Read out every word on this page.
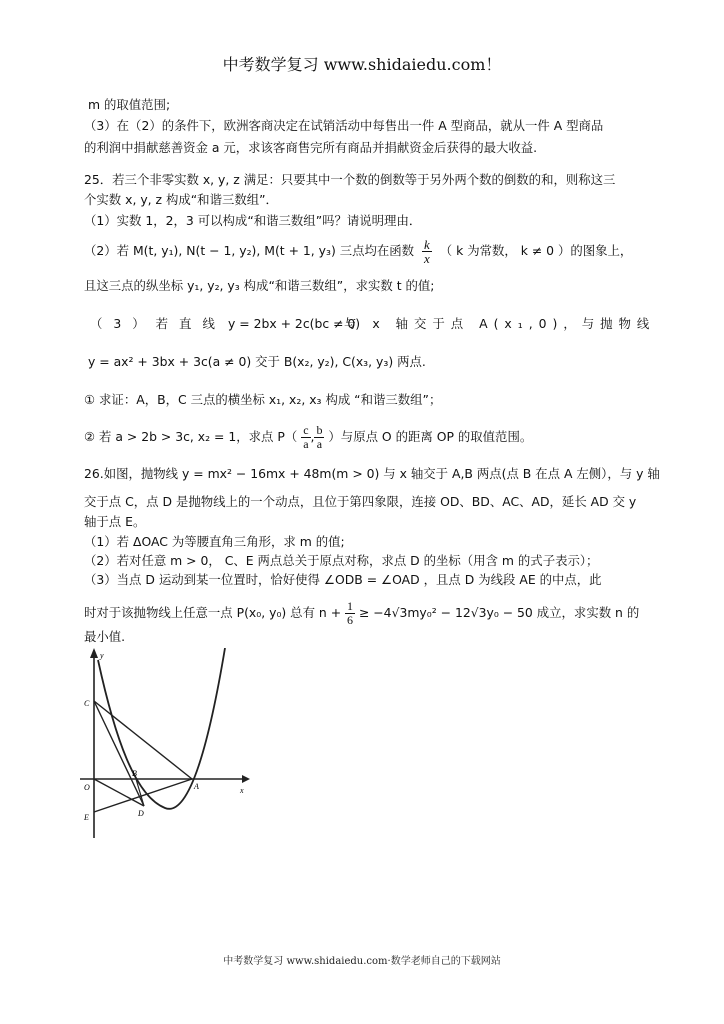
中考数学复习 www.shidaiedu.com！
m 的取值范围;
（3）在（2）的条件下，欧洲客商决定在试销活动中每售出一件 A 型商品，就从一件 A 型商品
的利润中捐献慈善资金 a 元，求该客商售完所有商品并捐献资金后获得的最大收益.
25．若三个非零实数 x, y, z 满足：只要其中一个数的倒数等于另外两个数的倒数的和，则称这三
个实数 x, y, z 构成“和谐三数组”．
（1）实数 1，2，3 可以构成“和谐三数组”吗？请说明理由．
（2）若 M(t, y₁), N(t − 1, y₂), M(t + 1, y₃) 三点均在函数 $\frac{k}{x}$ （ k 为常数， k ≠ 0 ）的图象上，
且这三点的纵坐标 y₁, y₂, y₃ 构成“和谐三数组”，求实数 t 的值;
（3）若直线 y = 2bx + 2c(bc ≠ 0)
与 x 轴交于点 A(x₁,0)，与抛物线
y = ax² + 3bx + 3c(a ≠ 0) 交于 B(x₂, y₂), C(x₃, y₃) 两点.
① 求证：A，B，C 三点的横坐标 x₁, x₂, x₃ 构成 “和谐三数组”；
② 若 a > 2b > 3c, x₂ = 1，求点 $P( \frac{c}{a}$ , $\frac{b}{a}$ ）与原点 O 的距离 OP 的取值范围。
26.如图，抛物线 y = mx² − 16mx + 48m(m > 0) 与 x 轴交于 A,B 两点(点 B 在点 A 左侧），与 y 轴
交于点 C，点 D 是抛物线上的一个动点，且位于第四象限，连接 OD、BD、AC、AD，延长 AD 交 y
轴于点 E。
（1）若 ΔOAC 为等腰直角三角形，求 m 的值;
（2）若对任意 m > 0， C、E 两点总关于原点对称，求点 D 的坐标（用含 m 的式子表示）；
（3）当点 D 运动到某一位置时，恰好使得 ∠ODB = ∠OAD ，且点 D 为线段 AE 的中点，此
时对于该抛物线上任意一点 P(x₀, y₀) 总有 $n + \frac{1}{6} \ge -4√3my_0^2 - 12√3y_0 - 50$ 成立，求实数 n 的
最小值.
y
x
C
B
A
O
D
E
中考数学复习 www.shidaiedu.com·数学老师自己的下载网站
